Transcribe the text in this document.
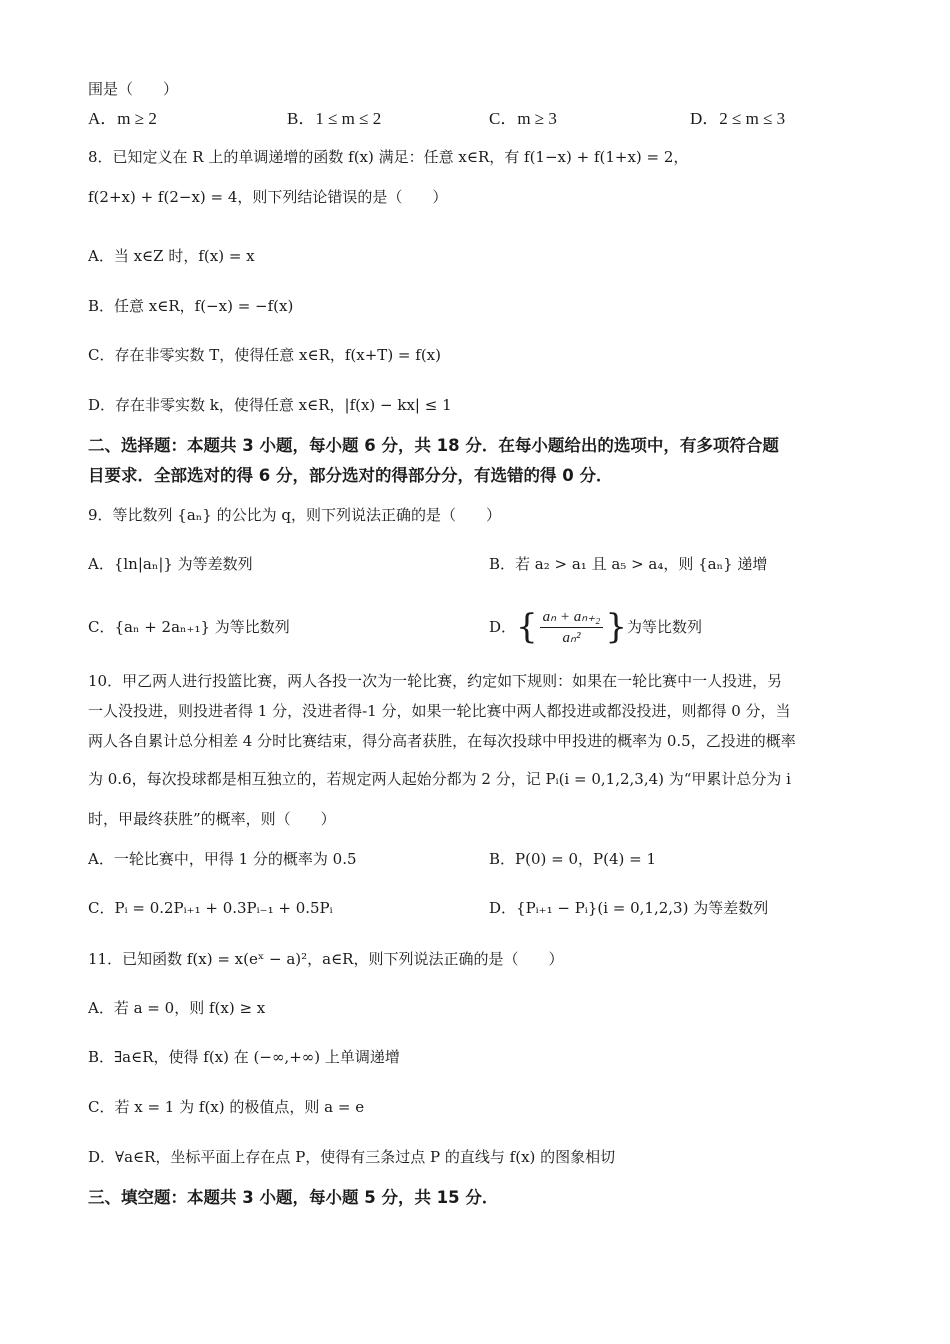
围是（　　）
A．m ≥ 2	B．1 ≤ m ≤ 2	C．m ≥ 3	D．2 ≤ m ≤ 3
8．已知定义在 R 上的单调递增的函数 f(x) 满足：任意 x∈R，有 f(1−x) + f(1+x) = 2，
f(2+x) + f(2−x) = 4，则下列结论错误的是（　　）
A．当 x∈Z 时，f(x) = x
B．任意 x∈R，f(−x) = −f(x)
C．存在非零实数 T，使得任意 x∈R，f(x+T) = f(x)
D．存在非零实数 k，使得任意 x∈R，|f(x) − kx| ≤ 1
二、选择题：本题共 3 小题，每小题 6 分，共 18 分．在每小题给出的选项中，有多项符合题
目要求．全部选对的得 6 分，部分选对的得部分分，有选错的得 0 分．
9．等比数列 {aₙ} 的公比为 q，则下列说法正确的是（　　）
A．{ln|aₙ|} 为等差数列	B．若 a₂ > a₁ 且 a₅ > a₄，则 {aₙ} 递增
C．{aₙ + 2aₙ₊₁} 为等比数列	D． { $\frac{\text{aₙ + aₙ₊₂}}{\text{aₙ²}}$ } 为等比数列
10．甲乙两人进行投篮比赛，两人各投一次为一轮比赛，约定如下规则：如果在一轮比赛中一人投进，另
一人没投进，则投进者得 1 分，没进者得-1 分，如果一轮比赛中两人都投进或都没投进，则都得 0 分，当
两人各自累计总分相差 4 分时比赛结束，得分高者获胜，在每次投球中甲投进的概率为 0.5，乙投进的概率
为 0.6，每次投球都是相互独立的，若规定两人起始分都为 2 分，记 Pᵢ(i = 0,1,2,3,4) 为“甲累计总分为 i
时，甲最终获胜”的概率，则（　　）
A．一轮比赛中，甲得 1 分的概率为 0.5	B．P(0) = 0，P(4) = 1
C．Pᵢ = 0.2Pᵢ₊₁ + 0.3Pᵢ₋₁ + 0.5Pᵢ	D．{Pᵢ₊₁ − Pᵢ}(i = 0,1,2,3) 为等差数列
11．已知函数 f(x) = x(eˣ − a)²，a∈R，则下列说法正确的是（　　）
A．若 a = 0，则 f(x) ≥ x
B．∃a∈R，使得 f(x) 在 (−∞,+∞) 上单调递增
C．若 x = 1 为 f(x) 的极值点，则 a = e
D．∀a∈R，坐标平面上存在点 P，使得有三条过点 P 的直线与 f(x) 的图象相切
三、填空题：本题共 3 小题，每小题 5 分，共 15 分．
